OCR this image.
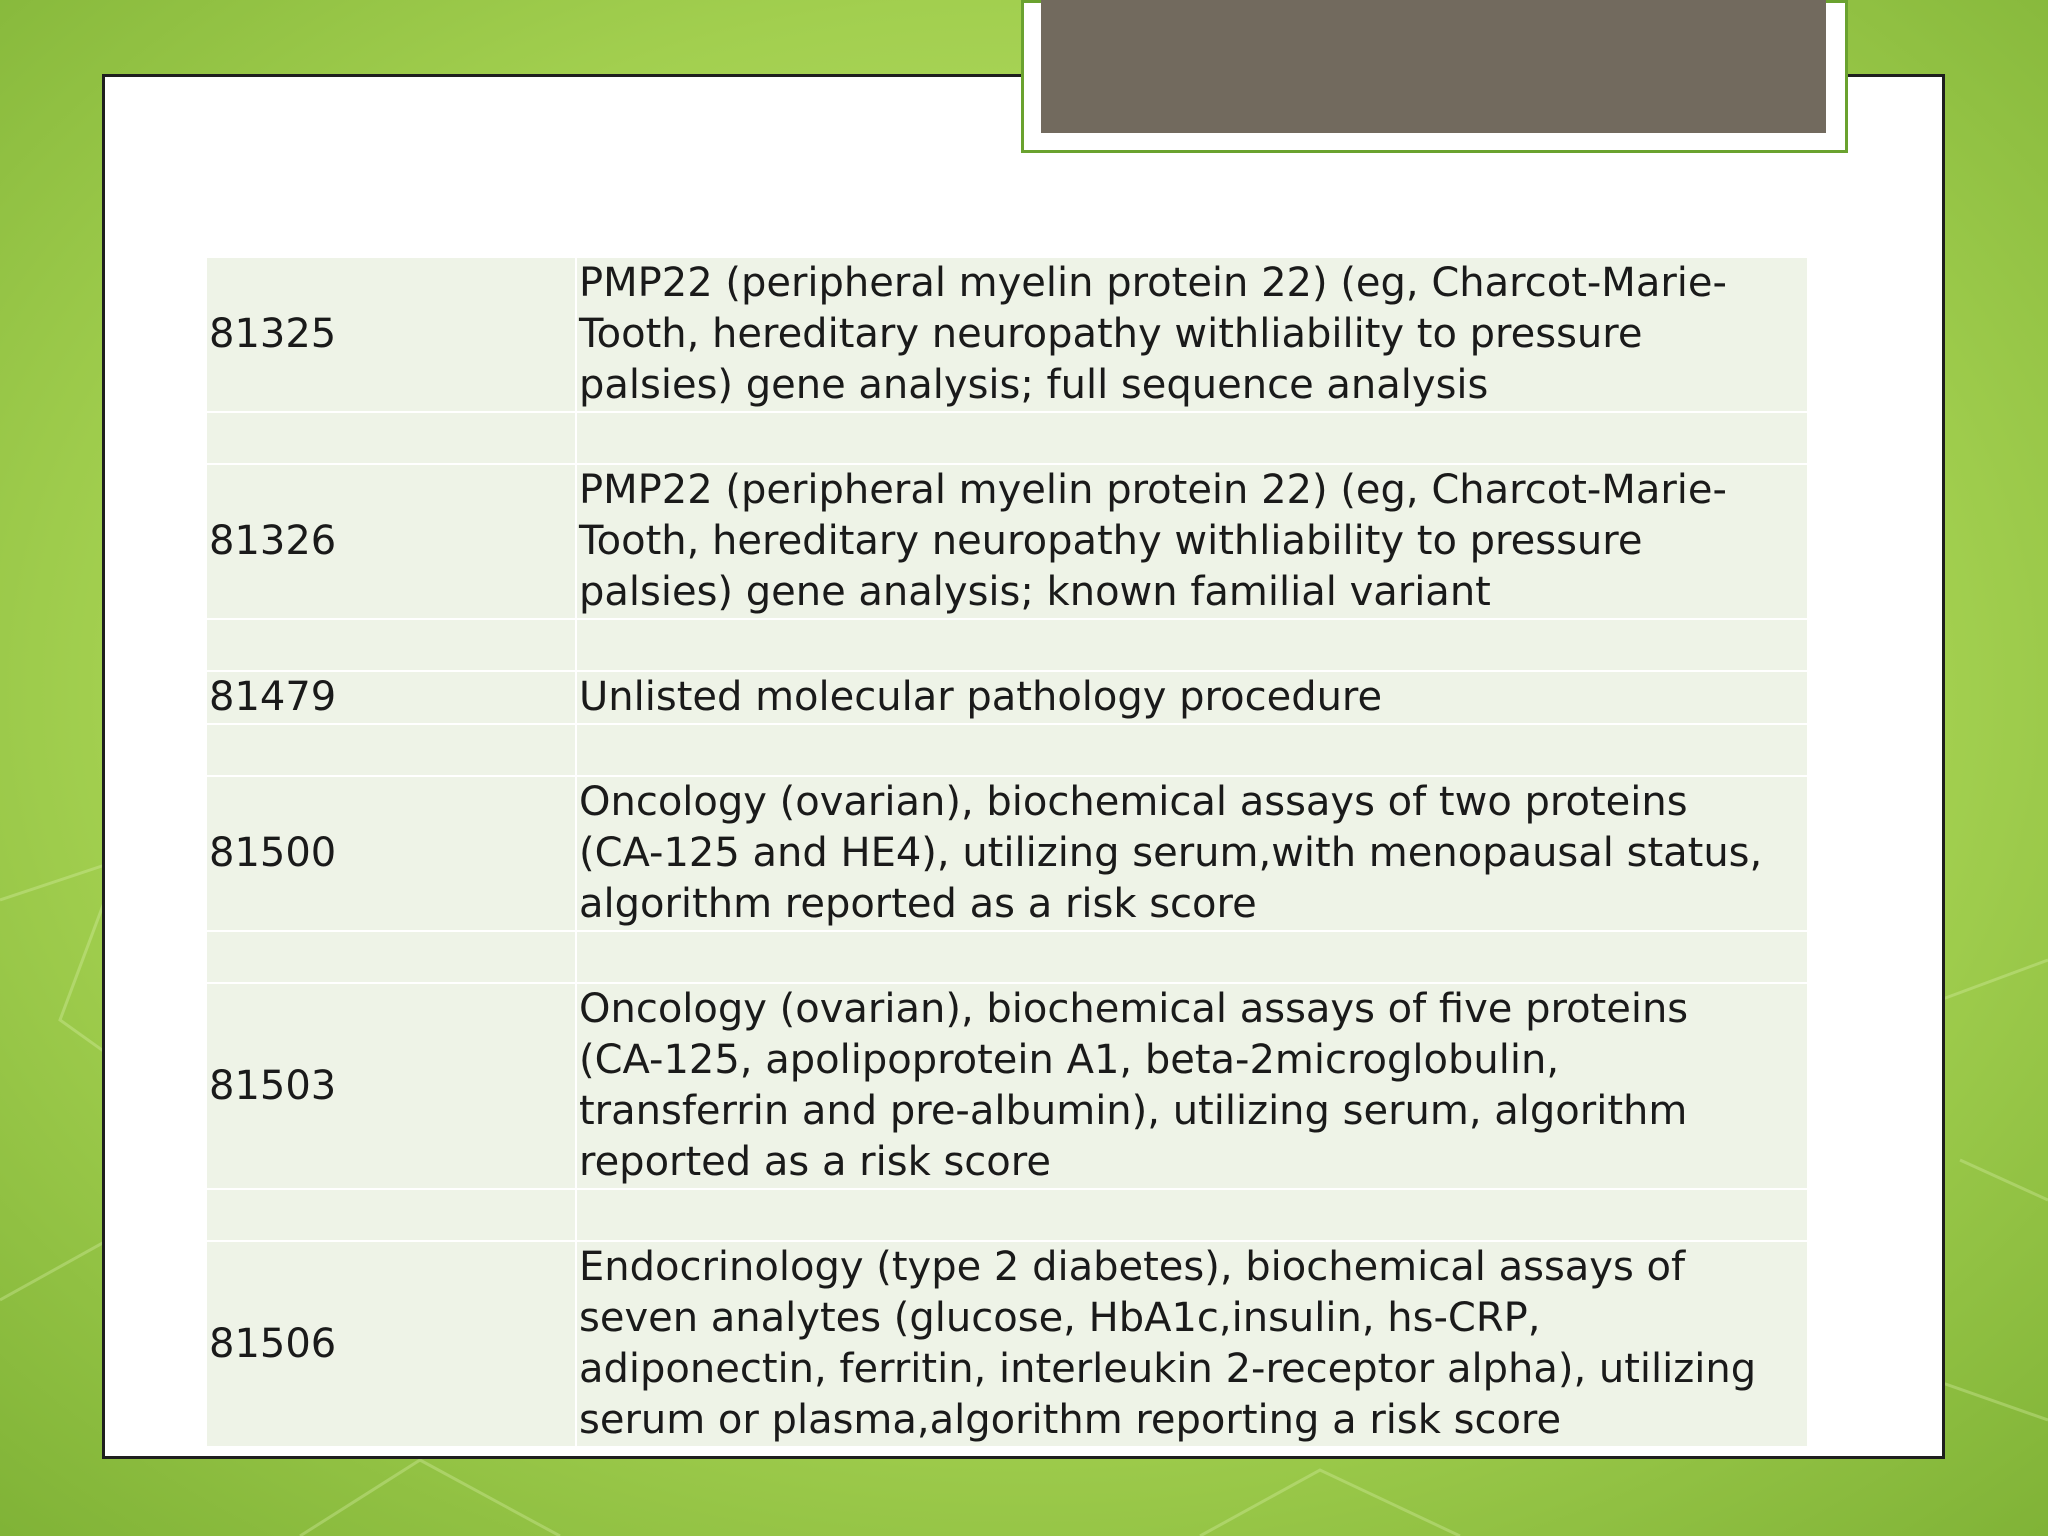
81325	PMP22 (peripheral myelin protein 22) (eg, Charcot-Marie-
Tooth, hereditary neuropathy withliability to pressure
palsies) gene analysis; full sequence analysis

81326	PMP22 (peripheral myelin protein 22) (eg, Charcot-Marie-
Tooth, hereditary neuropathy withliability to pressure
palsies) gene analysis; known familial variant

81479	Unlisted molecular pathology procedure

81500	Oncology (ovarian), biochemical assays of two proteins
(CA-125 and HE4), utilizing serum,with menopausal status,
algorithm reported as a risk score

81503	Oncology (ovarian), biochemical assays of five proteins
(CA-125, apolipoprotein A1, beta-2microglobulin,
transferrin and pre-albumin), utilizing serum, algorithm
reported as a risk score

81506	Endocrinology (type 2 diabetes), biochemical assays of
seven analytes (glucose, HbA1c,insulin, hs-CRP,
adiponectin, ferritin, interleukin 2-receptor alpha), utilizing
serum or plasma,algorithm reporting a risk score
